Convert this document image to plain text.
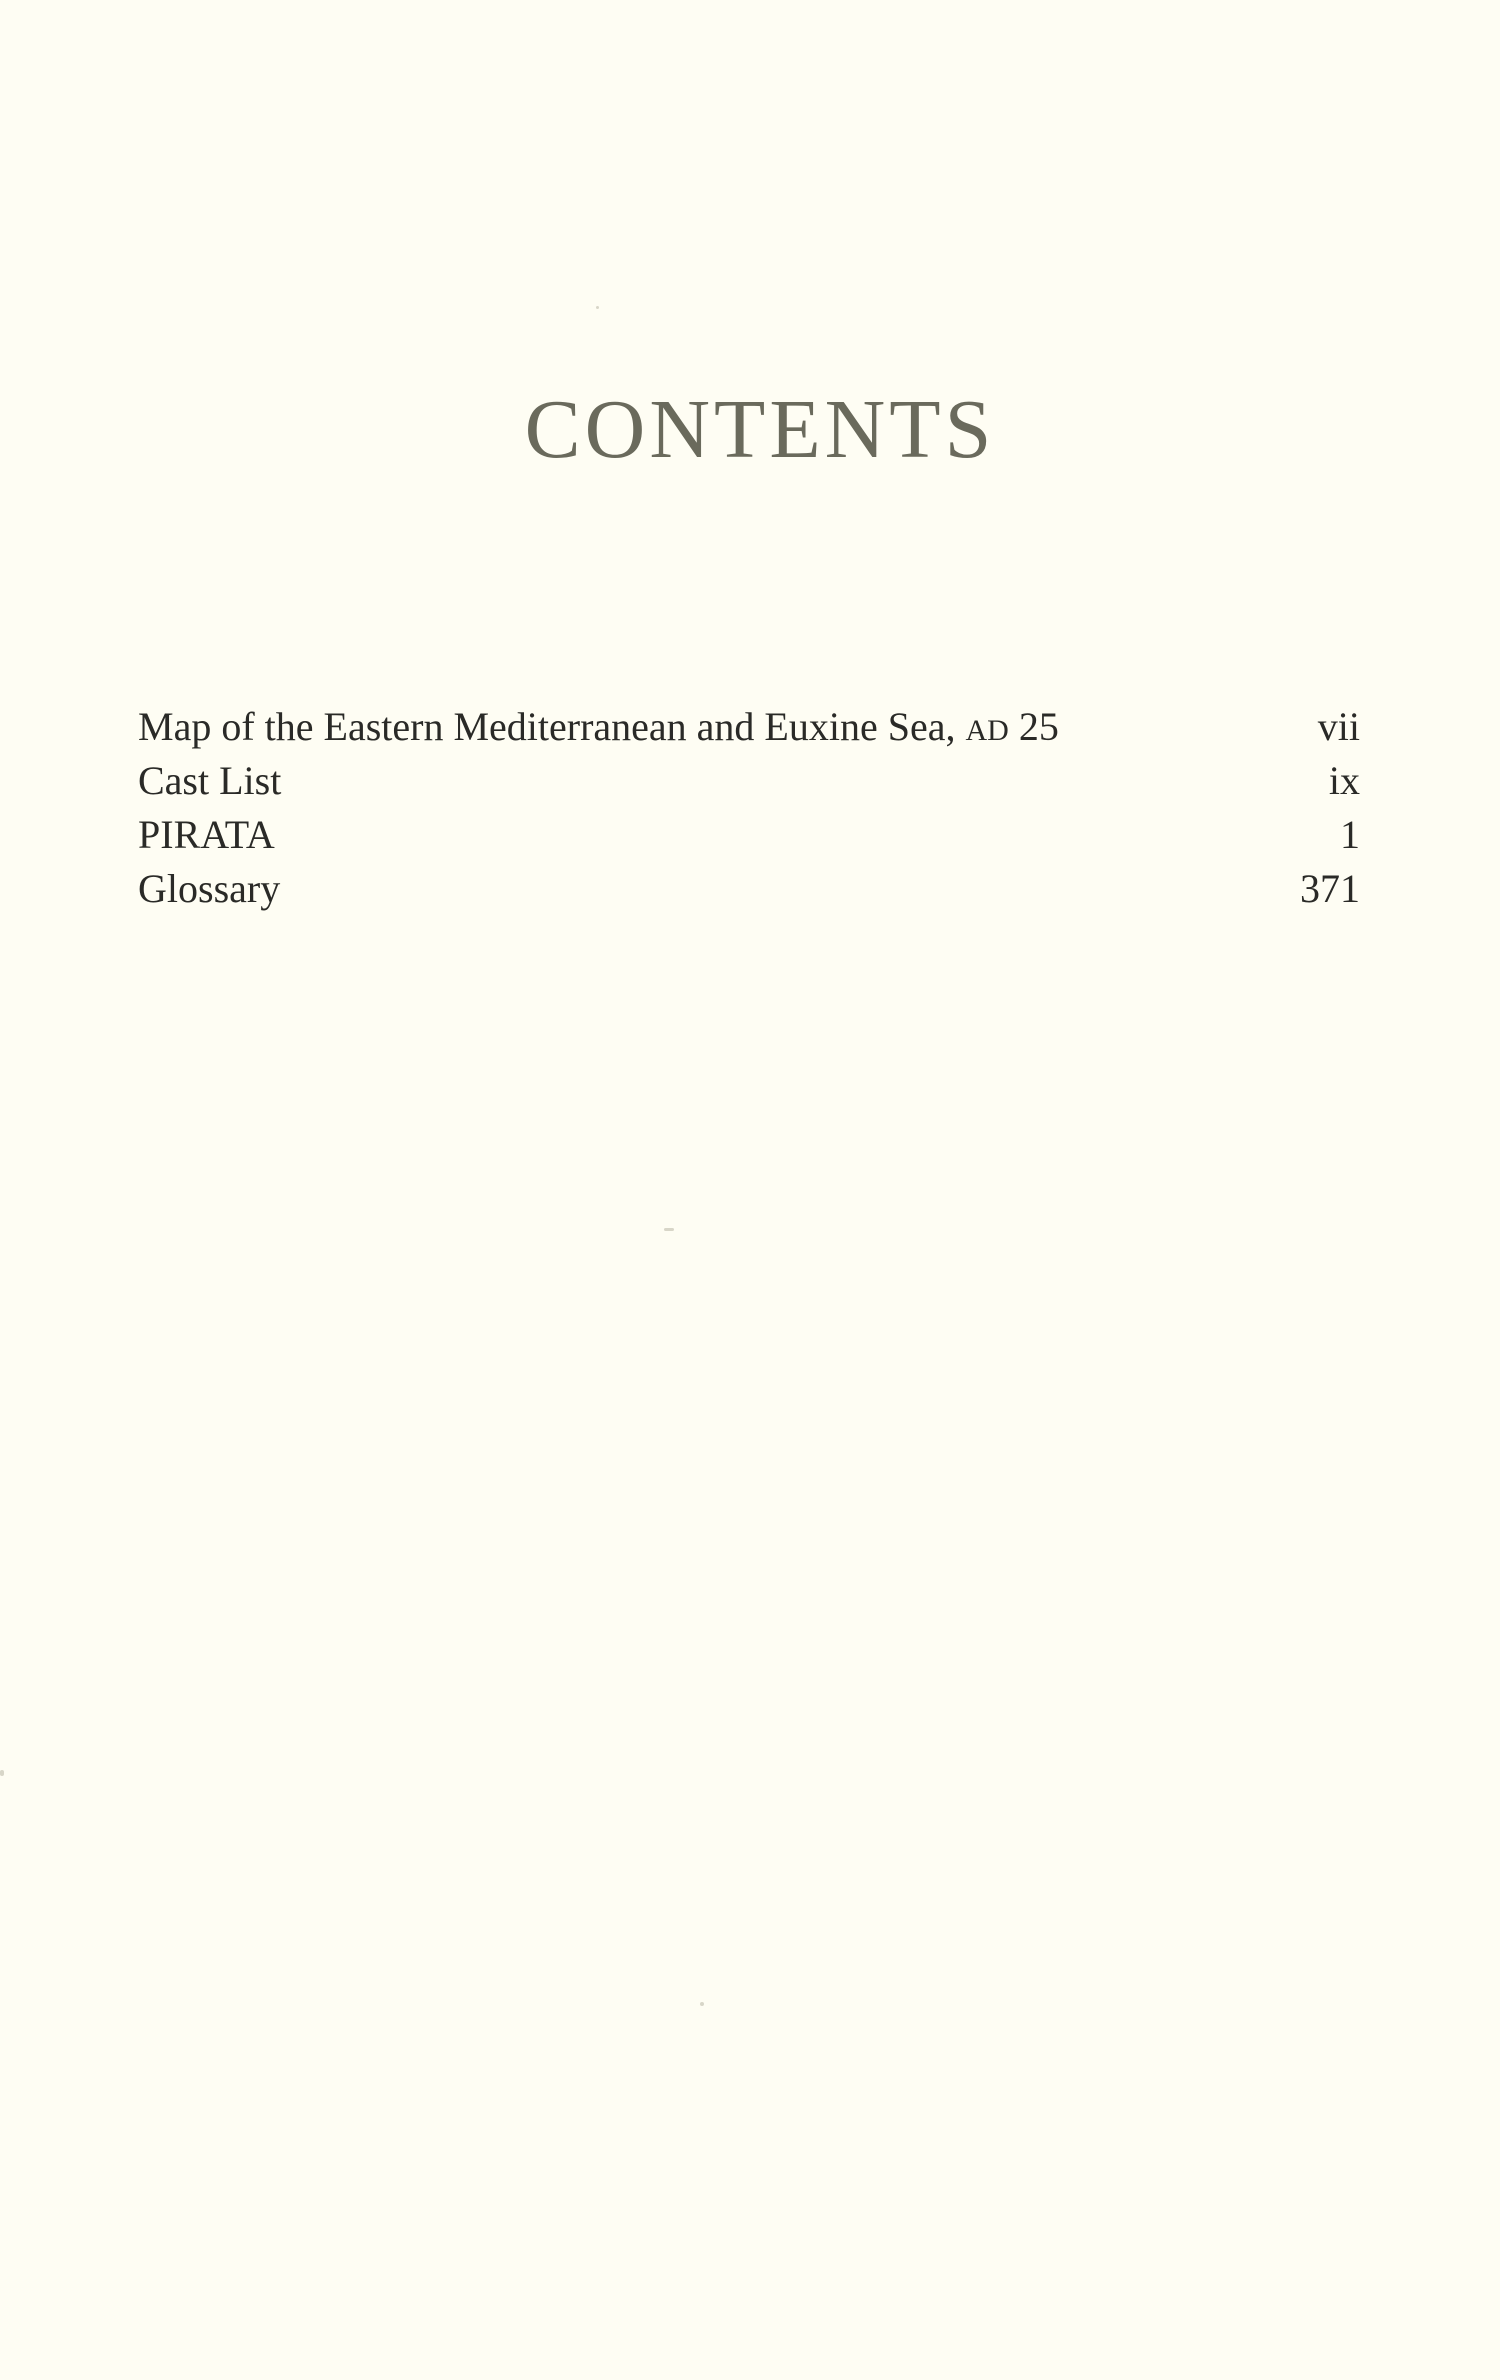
CONTENTS
Map of the Eastern Mediterranean and Euxine Sea, AD 25	vii
Cast List	ix
PIRATA	1
Glossary	371
